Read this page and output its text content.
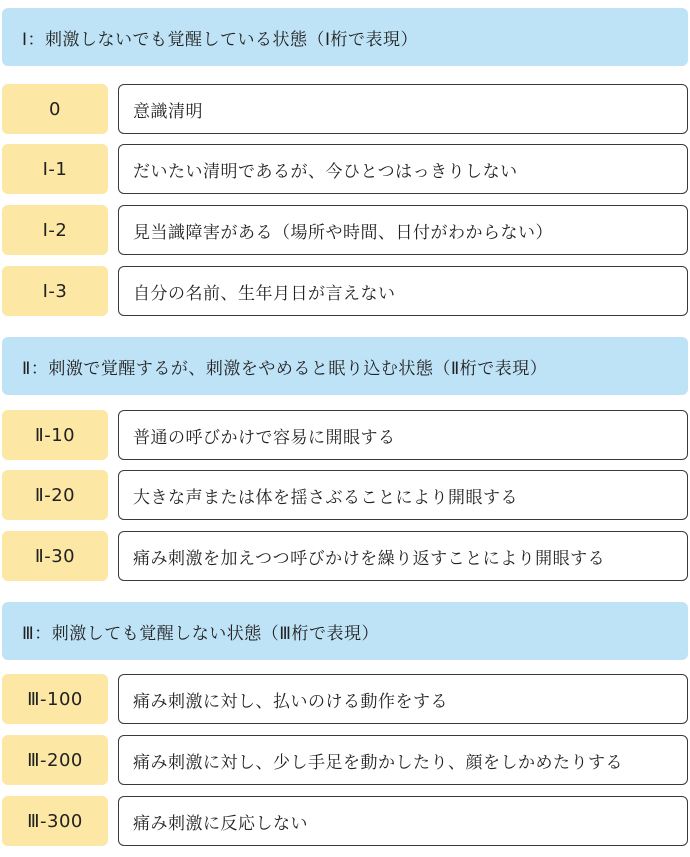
Ⅰ：刺激しないでも覚醒している状態（Ⅰ桁で表現）
0	意識清明
Ⅰ-1	だいたい清明であるが、今ひとつはっきりしない
Ⅰ-2	見当識障害がある（場所や時間、日付がわからない）
Ⅰ-3	自分の名前、生年月日が言えない
Ⅱ：刺激で覚醒するが、刺激をやめると眠り込む状態（Ⅱ桁で表現）
Ⅱ-10	普通の呼びかけで容易に開眼する
Ⅱ-20	大きな声または体を揺さぶることにより開眼する
Ⅱ-30	痛み刺激を加えつつ呼びかけを繰り返すことにより開眼する
Ⅲ：刺激しても覚醒しない状態（Ⅲ桁で表現）
Ⅲ-100	痛み刺激に対し、払いのける動作をする
Ⅲ-200	痛み刺激に対し、少し手足を動かしたり、顔をしかめたりする
Ⅲ-300	痛み刺激に反応しない
